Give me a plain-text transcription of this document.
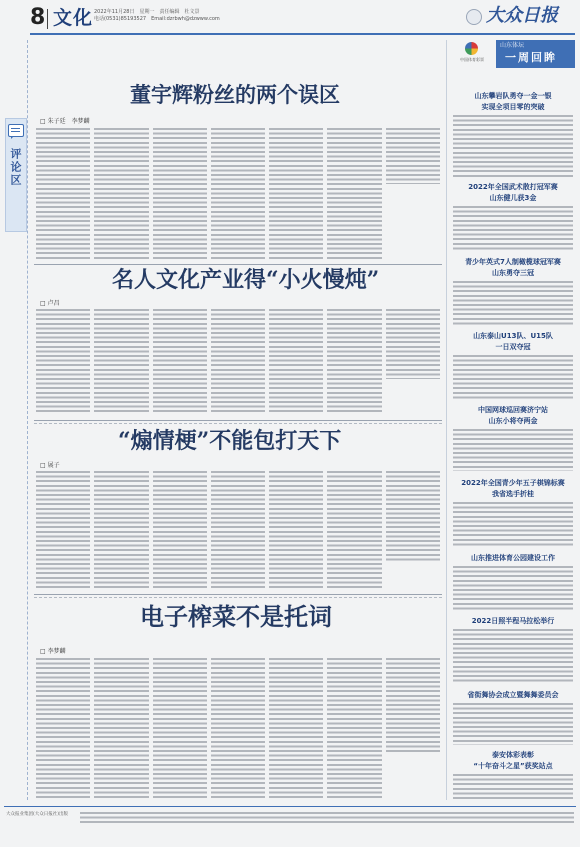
8 文化 2022年11月28日　星期一　责任编辑　杜文景
电话(0531)85193527　Email:dzrbwh@dzwww.com	大众日报
评论区
董宇辉粉丝的两个误区
□ 朱子廷　李梦麟
名人文化产业得“小火慢炖”
□ 卢昌
“煽情梗”不能包打天下
□ 展子
电子榨菜不是托词
□ 李梦麟
中国体育彩票
山东体坛
一周回眸
山东攀岩队勇夺一金一银
实现全项目零的突破
2022年全国武术散打冠军赛
山东健儿获3金
青少年英式7人制橄榄球冠军赛
山东勇夺三冠
山东泰山U13队、U15队
一日双夺冠
中国网球巡回赛济宁站
山东小将夺两金
2022年全国青少年五子棋锦标赛
我省选手折桂
山东推进体育公园建设工作
2022日照半程马拉松举行
省街舞协会成立暨舞舞委员会
泰安体彩表彰
“十年奋斗之星”获奖站点
大众报业集团(大众日报社)出版
